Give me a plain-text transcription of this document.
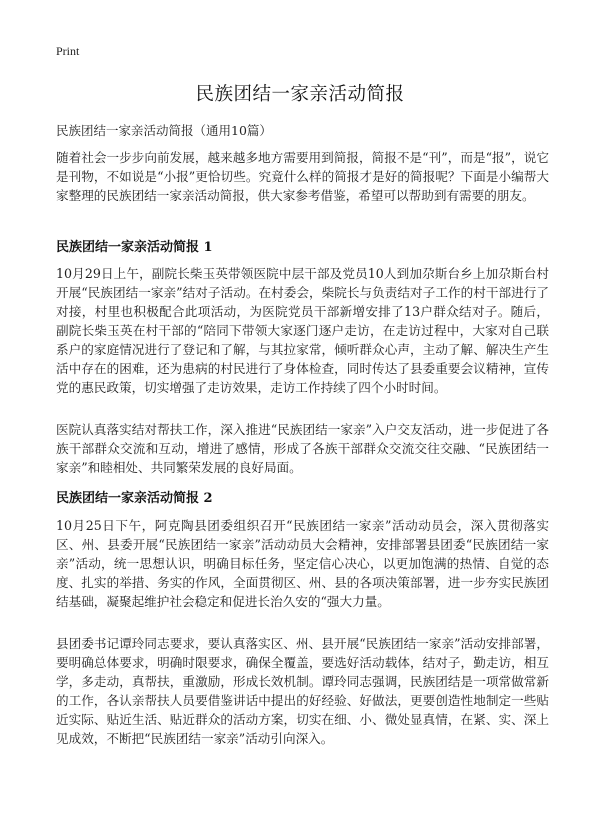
Print
民族团结一家亲活动简报
民族团结一家亲活动简报（通用10篇）

随着社会一步步向前发展，越来越多地方需要用到简报，简报不是“刊”，而是“报”，说它是刊物，不如说是“小报”更恰切些。究竟什么样的简报才是好的简报呢？下面是小编帮大家整理的民族团结一家亲活动简报，供大家参考借鉴，希望可以帮助到有需要的朋友。

民族团结一家亲活动简报 1

10月29日上午，副院长柴玉英带领医院中层干部及党员10人到加尕斯台乡上加尕斯台村开展“民族团结一家亲”结对子活动。在村委会，柴院长与负责结对子工作的村干部进行了对接，村里也积极配合此项活动，为医院党员干部新增安排了13户群众结对子。随后，副院长柴玉英在村干部的“陪同下带领大家逐门逐户走访，在走访过程中，大家对自己联系户的家庭情况进行了登记和了解，与其拉家常，倾听群众心声，主动了解、解决生产生活中存在的困难，还为患病的村民进行了身体检查，同时传达了县委重要会议精神，宣传党的惠民政策，切实增强了走访效果，走访工作持续了四个小时时间。

医院认真落实结对帮扶工作，深入推进“民族团结一家亲”入户交友活动，进一步促进了各族干部群众交流和互动，增进了感情，形成了各族干部群众交流交往交融、“民族团结一家亲”和睦相处、共同繁荣发展的良好局面。

民族团结一家亲活动简报 2

10月25日下午，阿克陶县团委组织召开“民族团结一家亲”活动动员会，深入贯彻落实区、州、县委开展“民族团结一家亲”活动动员大会精神，安排部署县团委“民族团结一家亲”活动，统一思想认识，明确目标任务，坚定信心决心，以更加饱满的热情、自觉的态度、扎实的举措、务实的作风，全面贯彻区、州、县的各项决策部署，进一步夯实民族团结基础，凝聚起维护社会稳定和促进长治久安的“强大力量。

县团委书记谭玲同志要求，要认真落实区、州、县开展“民族团结一家亲”活动安排部署，要明确总体要求，明确时限要求，确保全覆盖，要选好活动载体，结对子，勤走访，相互学，多走动，真帮扶，重激励，形成长效机制。谭玲同志强调，民族团结是一项常做常新的工作，各认亲帮扶人员要借鉴讲话中提出的好经验、好做法，更要创造性地制定一些贴近实际、贴近生活、贴近群众的活动方案，切实在细、小、微处显真情，在紧、实、深上见成效，不断把“民族团结一家亲”活动引向深入。
